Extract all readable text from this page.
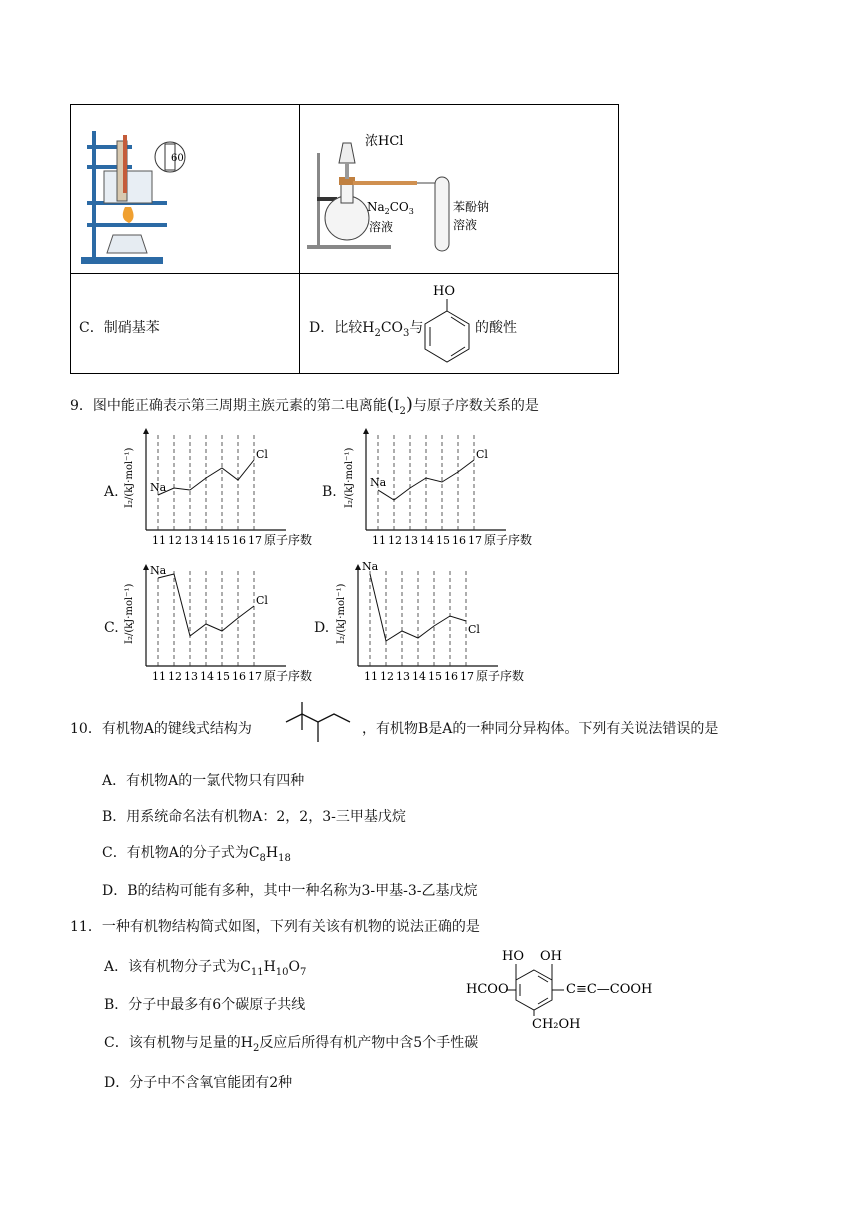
60
浓HCl
$Na_2CO_3$
溶液
苯酚钠
溶液
C．制硝基苯	D．比较$H_2CO_3$与
HO
的酸性
9．图中能正确表示第三周期主族元素的第二电离能$(I_2)$与原子序数关系的是
A.	B.
C.	D.
11 12 13 14 15 16 17 原子序数
I₂/(kJ·mol⁻¹) Na
Cl
11 12 13 14 15 16 17 原子序数
I₂/(kJ·mol⁻¹) Na
Cl
11 12 13 14 15 16 17 原子序数
I₂/(kJ·mol⁻¹)
Na
Cl
11 12 13 14 15 16 17 原子序数
I₂/(kJ·mol⁻¹)
Na
Cl
10．有机物A的键线式结构为	，有机物B是A的一种同分异构体。下列有关说法错误的是
A．有机物A的一氯代物只有四种
B．用系统命名法有机物A：2，2，3-三甲基戊烷
C．有机物A的分子式为$C_8H_{18}$
D．B的结构可能有多种，其中一种名称为3-甲基-3-乙基戊烷
11．一种有机物结构简式如图，下列有关该有机物的说法正确的是
A．该有机物分子式为$C_{11}H_{10}O_7$
B．分子中最多有6个碳原子共线
C．该有机物与足量的$H_2$反应后所得有机产物中含5个手性碳
D．分子中不含氧官能团有2种
HO OH
HCOO	C≡C—COOH
CH₂OH
